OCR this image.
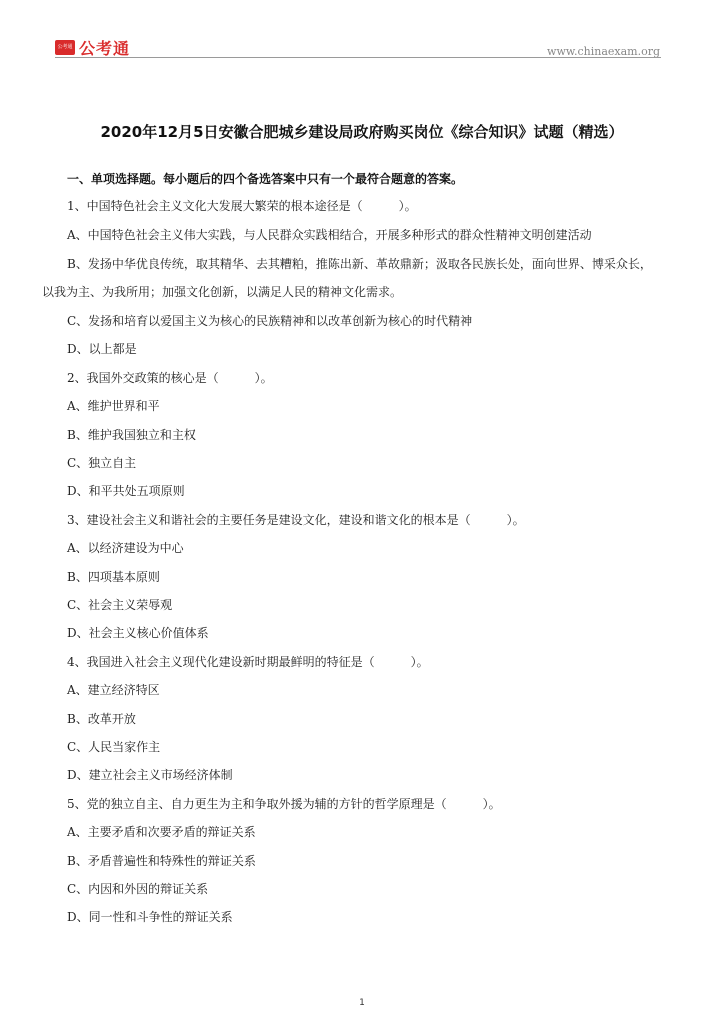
公考通 公考通	www.chinaexam.org
2020年12月5日安徽合肥城乡建设局政府购买岗位《综合知识》试题（精选）
一、单项选择题。每小题后的四个备选答案中只有一个最符合题意的答案。
1、中国特色社会主义文化大发展大繁荣的根本途径是（　　　）。
A、中国特色社会主义伟大实践，与人民群众实践相结合，开展多种形式的群众性精神文明创建活动
B、发扬中华优良传统，取其精华、去其糟粕，推陈出新、革故鼎新；汲取各民族长处，面向世界、博采众长，
以我为主、为我所用；加强文化创新，以满足人民的精神文化需求。
C、发扬和培育以爱国主义为核心的民族精神和以改革创新为核心的时代精神
D、以上都是
2、我国外交政策的核心是（　　　）。
A、维护世界和平
B、维护我国独立和主权
C、独立自主
D、和平共处五项原则
3、建设社会主义和谐社会的主要任务是建设文化，建设和谐文化的根本是（　　　）。
A、以经济建设为中心
B、四项基本原则
C、社会主义荣辱观
D、社会主义核心价值体系
4、我国进入社会主义现代化建设新时期最鲜明的特征是（　　　）。
A、建立经济特区
B、改革开放
C、人民当家作主
D、建立社会主义市场经济体制
5、党的独立自主、自力更生为主和争取外援为辅的方针的哲学原理是（　　　）。
A、主要矛盾和次要矛盾的辩证关系
B、矛盾普遍性和特殊性的辩证关系
C、内因和外因的辩证关系
D、同一性和斗争性的辩证关系
1
